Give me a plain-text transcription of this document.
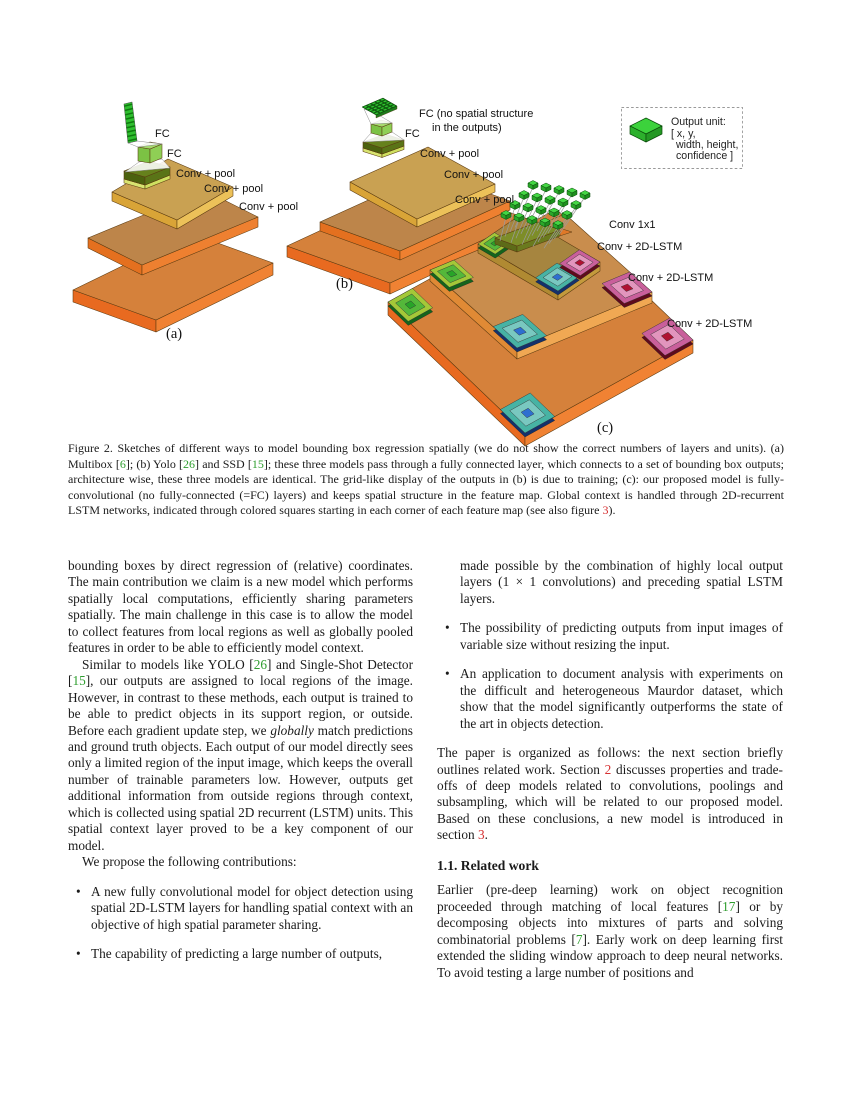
Output unit:
[ x, y,
width, height,
confidence ]
FC
FC
Conv + pool
Conv + pool
Conv + pool
FC (no spatial structure
in the outputs)
FC
Conv + pool
Conv + pool
Conv + pool
Conv 1x1
Conv + 2D-LSTM
Conv + 2D-LSTM
Conv + 2D-LSTM
(a)
(b)
(c)
Figure 2. Sketches of different ways to model bounding box regression spatially (we do not show the correct numbers of layers and units). (a) Multibox [6]; (b) Yolo [26] and SSD [15]; these three models pass through a fully connected layer, which connects to a set of bounding box outputs; architecture wise, these three models are identical. The grid-like display of the outputs in (b) is due to training; (c): our proposed model is fully-convolutional (no fully-connected (=FC) layers) and keeps spatial structure in the feature map. Global context is handled through 2D-recurrent LSTM networks, indicated through colored squares starting in each corner of each feature map (see also figure 3).

bounding boxes by direct regression of (relative) coordinates. The main contribution we claim is a new model which performs spatially local computations, efficiently sharing parameters spatially. The main challenge in this case is to allow the model to collect features from local regions as well as globally pooled features in order to be able to efficiently model context.

Similar to models like YOLO [26] and Single-Shot Detector [15], our outputs are assigned to local regions of the image. However, in contrast to these methods, each output is trained to be able to predict objects in its support region, or outside. Before each gradient update step, we globally match predictions and ground truth objects. Each output of our model directly sees only a limited region of the input image, which keeps the overall number of trainable parameters low. However, outputs get additional information from outside regions through context, which is collected using spatial 2D recurrent (LSTM) units. This spatial context layer proved to be a key component of our model.

We propose the following contributions:

• A new fully convolutional model for object detection using spatial 2D-LSTM layers for handling spatial context with an objective of high spatial parameter sharing.
• The capability of predicting a large number of outputs,
made possible by the combination of highly local output layers (1 × 1 convolutions) and preceding spatial LSTM layers.
• The possibility of predicting outputs from input images of variable size without resizing the input.
• An application to document analysis with experiments on the difficult and heterogeneous Maurdor dataset, which show that the model significantly outperforms the state of the art in objects detection.

The paper is organized as follows: the next section briefly outlines related work. Section 2 discusses properties and trade-offs of deep models related to convolutions, poolings and subsampling, which will be related to our proposed model. Based on these conclusions, a new model is introduced in section 3.

1.1. Related work

Earlier (pre-deep learning) work on object recognition proceeded through matching of local features [17] or by decomposing objects into mixtures of parts and solving combinatorial problems [7]. Early work on deep learning first extended the sliding window approach to deep neural networks. To avoid testing a large number of positions and
